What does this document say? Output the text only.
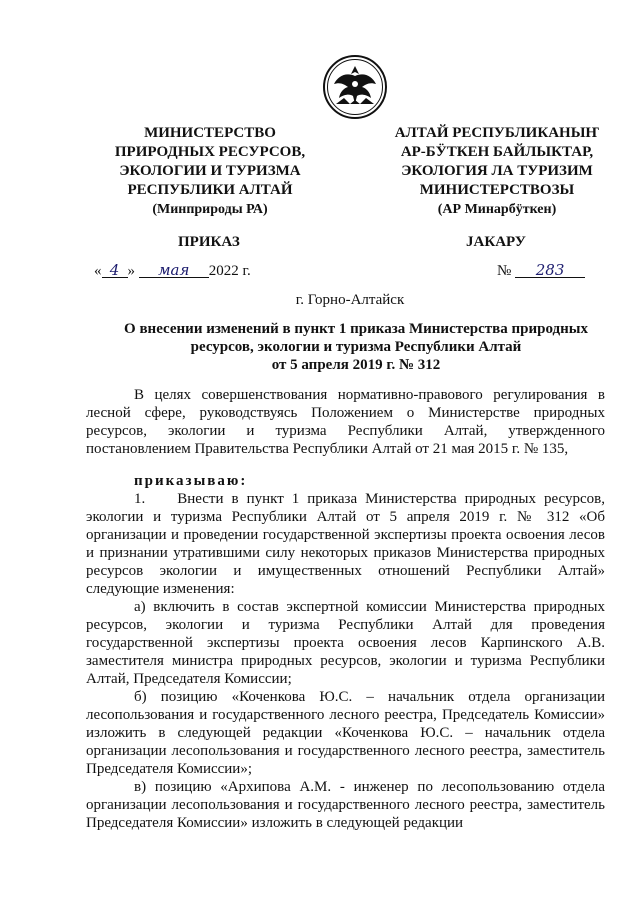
МИНИСТЕРСТВО
ПРИРОДНЫХ РЕСУРСОВ,
ЭКОЛОГИИ И ТУРИЗМА
РЕСПУБЛИКИ АЛТАЙ
(Минприроды РА)
АЛТАЙ РЕСПУБЛИКАНЫҤ
АР-БӰТКЕН БАЙЛЫКТАР,
ЭКОЛОГИЯ ЛА ТУРИЗИМ
МИНИСТЕРСТВОЗЫ
(АР Минарбӱткен)
ПРИКАЗ	JАКАРУ
« 4 » мая 2022 г.	№ 283
г. Горно-Алтайск
О внесении изменений в пункт 1 приказа Министерства природных
ресурсов, экологии и туризма Республики Алтай
от 5 апреля 2019 г. № 312

В целях совершенствования нормативно-правового регулирования в лесной сфере, руководствуясь Положением о Министерстве природных ресурсов, экологии и туризма Республики Алтай, утвержденного постановлением Правительства Республики Алтай от 21 мая 2015 г. № 135,

приказываю:

1.    Внести в пункт 1 приказа Министерства природных ресурсов, экологии и туризма Республики Алтай от 5 апреля 2019 г. № 312 «Об организации и проведении государственной экспертизы проекта освоения лесов и признании утратившими силу некоторых приказов Министерства природных ресурсов экологии и имущественных отношений Республики Алтай» следующие изменения:

а) включить в состав экспертной комиссии Министерства природных ресурсов, экологии и туризма Республики Алтай для проведения государственной экспертизы проекта освоения лесов Карпинского А.В. заместителя министра природных ресурсов, экологии и туризма Республики Алтай, Председателя Комиссии;

б) позицию «Коченкова Ю.С. – начальник отдела организации лесопользования и государственного лесного реестра, Председатель Комиссии» изложить в следующей редакции «Коченкова Ю.С. – начальник отдела организации лесопользования и государственного лесного реестра, заместитель Председателя Комиссии»;

в) позицию «Архипова А.М. - инженер по лесопользованию отдела организации лесопользования и государственного лесного реестра, заместитель Председателя Комиссии» изложить в следующей редакции
